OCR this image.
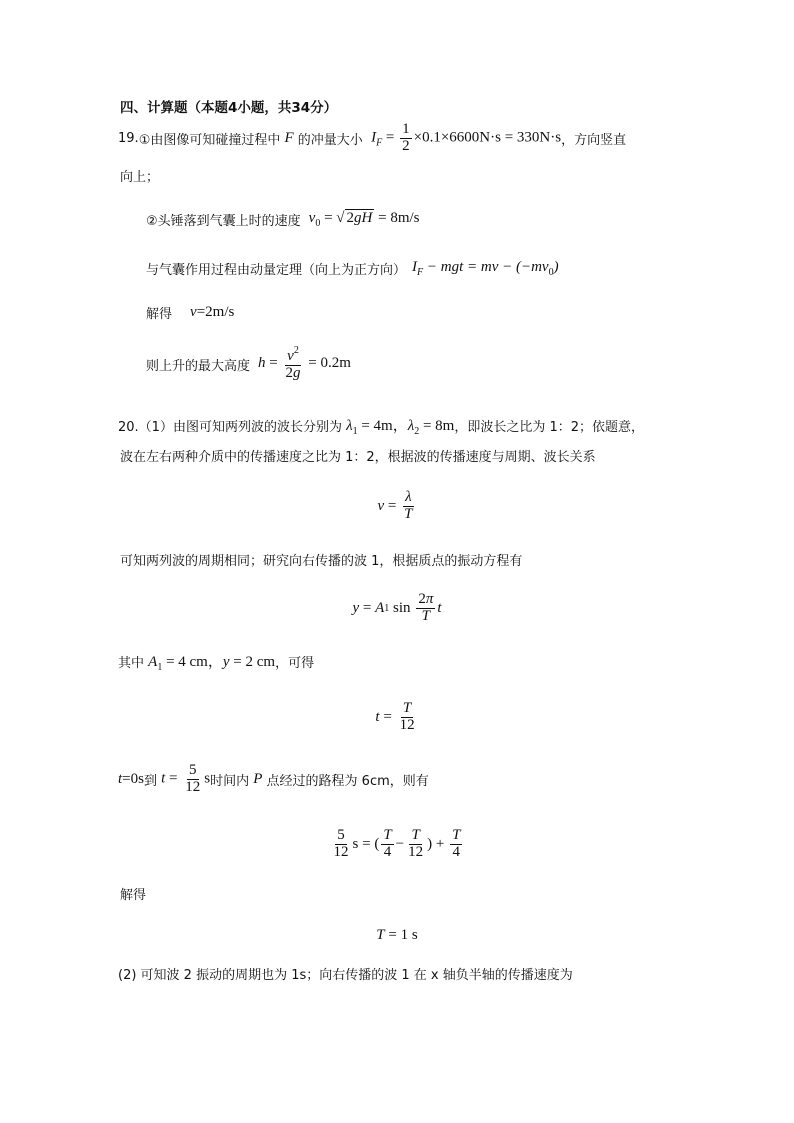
四、计算题（本题4小题，共34分）
19. ①由图像可知碰撞过程中 F 的冲量大小 $I_F = \frac{1}{2} \times 0.1\times 6600N\cdot s = 330N\cdot s$ ，方向竖直
向上；
②头锤落到气囊上时的速度 $v_0$ = √ 2gH = 8m/s
与气囊作用过程由动量定理（向上为正方向） $I_F$ − mgt = mv − $(-mv_0)$
解得 v=2m/s
则上升的最大高度 $h = \frac{v^2}{2g} = 0.2m$
20.（1）由图可知两列波的波长分别为 $\lambda_1 = 4m$，$\lambda_2 = 8m$ ，即波长之比为 1：2；依题意，
波在左右两种介质中的传播速度之比为 1：2，根据波的传播速度与周期、波长关系
$v = \frac{\lambda}{T}$
可知两列波的周期相同；研究向右传播的波 1，根据质点的振动方程有
y = A 1 $\sin \frac{2\pi}{T}$ t
其中 $A_1 = 4$ cm，y = 2 cm ，可得
$t = \frac{T}{12}$
t=0s 到 $t = \frac{5}{12}$ s 时间内 P 点经过的路程为 6cm，则有
$\frac{5}{12}$ s = ( $\frac{T}{4} - \frac{T}{12}$ ) + $\frac{T}{4}$
解得
T = 1 s
(2) 可知波 2 振动的周期也为 1s；向右传播的波 1 在 x 轴负半轴的传播速度为
